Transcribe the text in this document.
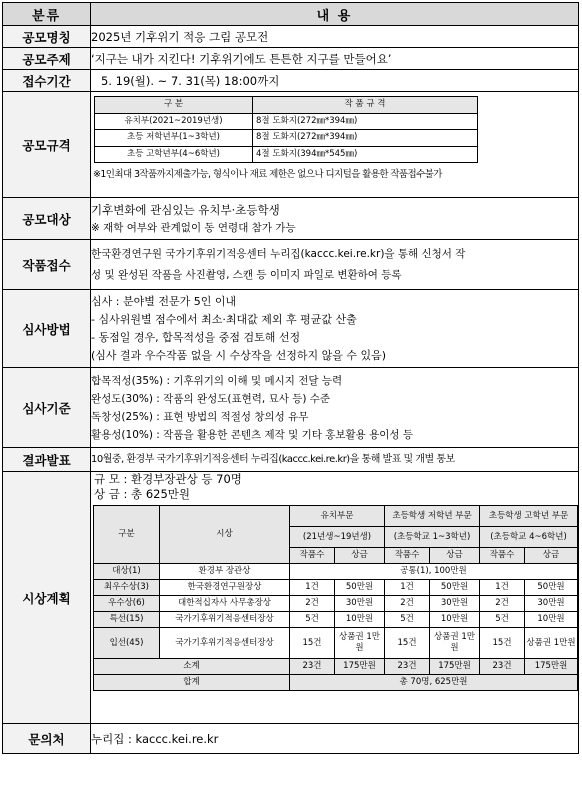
분류	내 용
공모명칭	2025년 기후위기 적응 그림 공모전
공모주제	‘지구는 내가 지킨다! 기후위기에도 튼튼한 지구를 만들어요’
접수기간	5. 19(월). ~ 7. 31(목) 18:00까지
공모규격	
구 분	작 품 규 격
유치부(2021~2019년생)	8절 도화지(272㎜*394㎜)
초등 저학년부(1~3학년)	8절 도화지(272㎜*394㎜)
초등 고학년부(4~6학년)	4절 도화지(394㎜*545㎜)
※1인최대 3작품까지제출가능, 형식이나 재료 제한은 없으나 디지털을 활용한 작품접수불가

공모대상	
기후변화에 관심있는 유치부·초등학생
※ 재학 여부와 관계없이 동 연령대 참가 가능

작품접수	
한국환경연구원 국가기후위기적응센터 누리집(kaccc.kei.re.kr)을 통해 신청서 작
성 및 완성된 작품을 사진촬영, 스캔 등 이미지 파일로 변환하여 등록

심사방법	
심사 : 분야별 전문가 5인 이내
- 심사위원별 점수에서 최소·최대값 제외 후 평균값 산출
- 동점일 경우, 합목적성을 중점 검토해 선정
(심사 결과 우수작품 없을 시 수상작을 선정하지 않을 수 있음)

심사기준	
합목적성(35%) : 기후위기의 이해 및 메시지 전달 능력
완성도(30%) : 작품의 완성도(표현력, 묘사 등) 수준
독창성(25%) : 표현 방법의 적절성 창의성 유무
활용성(10%) : 작품을 활용한 콘텐츠 제작 및 기타 홍보활용 용이성 등

결과발표	10월중, 환경부 국가기후위기적응센터 누리집(kaccc.kei.re.kr)을 통해 발표 및 개별 통보
시상계획	
규 모 : 환경부장관상 등 70명
상 금 : 총 625만원
구분	시상	유치부문	초등학생 저학년 부문	초등학생 고학년 부문
(21년생~19년생)	(초등학교 1~3학년)	(초등학교 4~6학년)
작품수	상금	작품수	상금	작품수	상금
대상(1)	환경부 장관상	공통(1), 100만원
최우수상(3)	한국환경연구원장상	1건	50만원	1건	50만원	1건	50만원
우수상(6)	대한적십자사 사무총장상	2건	30만원	2건	30만원	2건	30만원
특선(15)	국가기후위기적응센터장상	5건	10만원	5건	10만원	5건	10만원
입선(45)	국가기후위기적응센터장상	15건	상품권 1만원	15건	상품권 1만원	15건	상품권 1만원
소계	23건	175만원	23건	175만원	23건	175만원
합계	총 70명, 625만원

문의처	누리집 : kaccc.kei.re.kr
